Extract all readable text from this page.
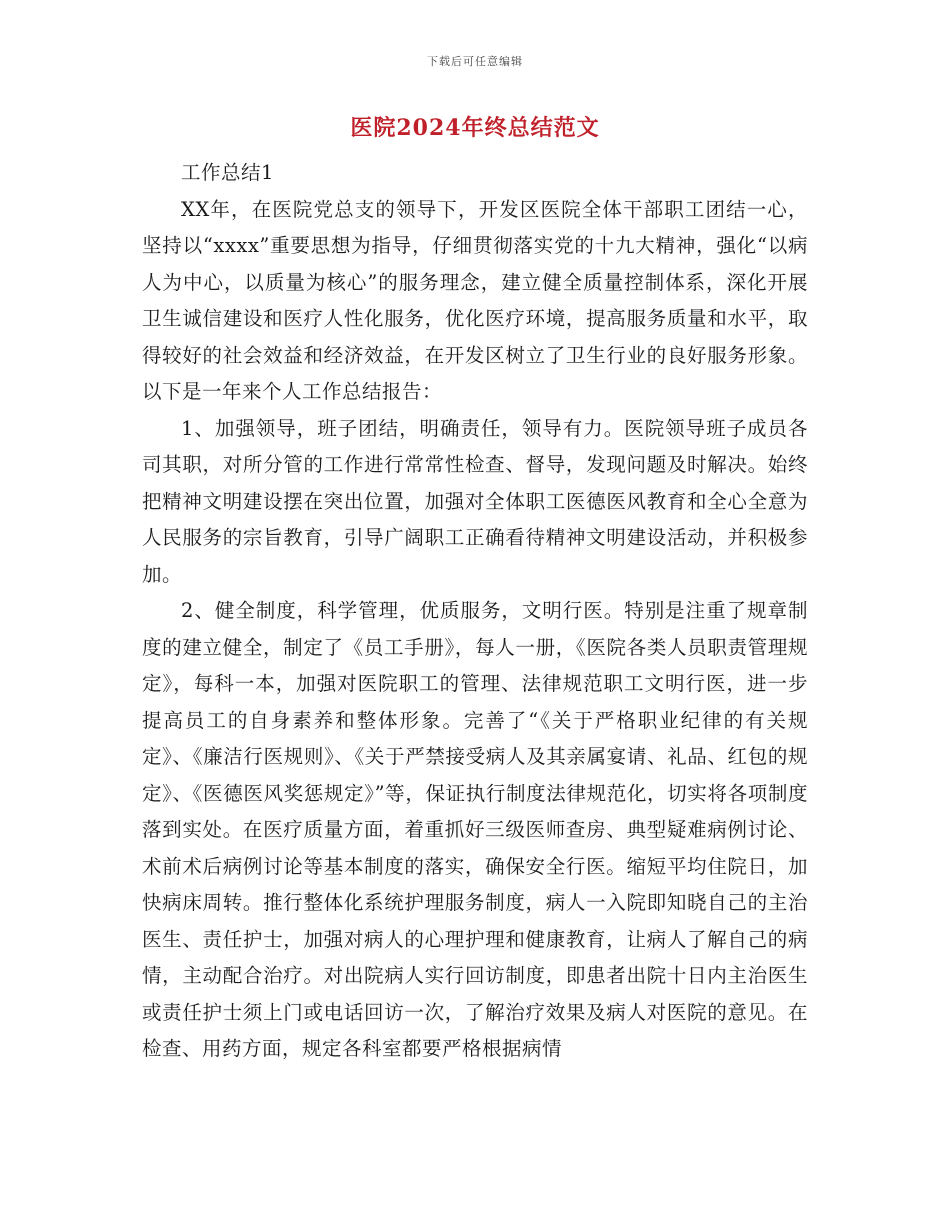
下载后可任意编辑
医院2024年终总结范文

工作总结1

XX年，在医院党总支的领导下，开发区医院全体干部职工团结一心，坚持以“xxxx”重要思想为指导，仔细贯彻落实党的十九大精神，强化“以病人为中心，以质量为核心”的服务理念，建立健全质量控制体系，深化开展卫生诚信建设和医疗人性化服务，优化医疗环境，提高服务质量和水平，取得较好的社会效益和经济效益，在开发区树立了卫生行业的良好服务形象。 以下是一年来个人工作总结报告：

1、加强领导，班子团结，明确责任，领导有力。医院领导班子成员各司其职，对所分管的工作进行常常性检查、督导，发现问题及时解决。始终把精神文明建设摆在突出位置，加强对全体职工医德医风教育和全心全意为人民服务的宗旨教育，引导广阔职工正确看待精神文明建设活动，并积极参加。

2、健全制度，科学管理，优质服务，文明行医。特别是注重了规章制度的建立健全，制定了《员工手册》，每人一册，《医院各类人员职责管理规定》，每科一本，加强对医院职工的管理、法律规范职工文明行医，进一步提高员工的自身素养和整体形象。完善了“《关于严格职业纪律的有关规定》、《廉洁行医规则》、《关于严禁接受病人及其亲属宴请、礼品、红包的规定》、《医德医风奖惩规定》”等，保证执行制度法律规范化，切实将各项制度落到实处。在医疗质量方面，着重抓好三级医师查房、典型疑难病例讨论、术前术后病例讨论等基本制度的落实，确保安全行医。缩短平均住院日，加快病床周转。推行整体化系统护理服务制度，病人一入院即知晓自己的主治医生、责任护士，加强对病人的心理护理和健康教育，让病人了解自己的病情，主动配合治疗。对出院病人实行回访制度，即患者出院十日内主治医生或责任护士须上门或电话回访一次，了解治疗效果及病人对医院的意见。在检查、用药方面，规定各科室都要严格根据病情
